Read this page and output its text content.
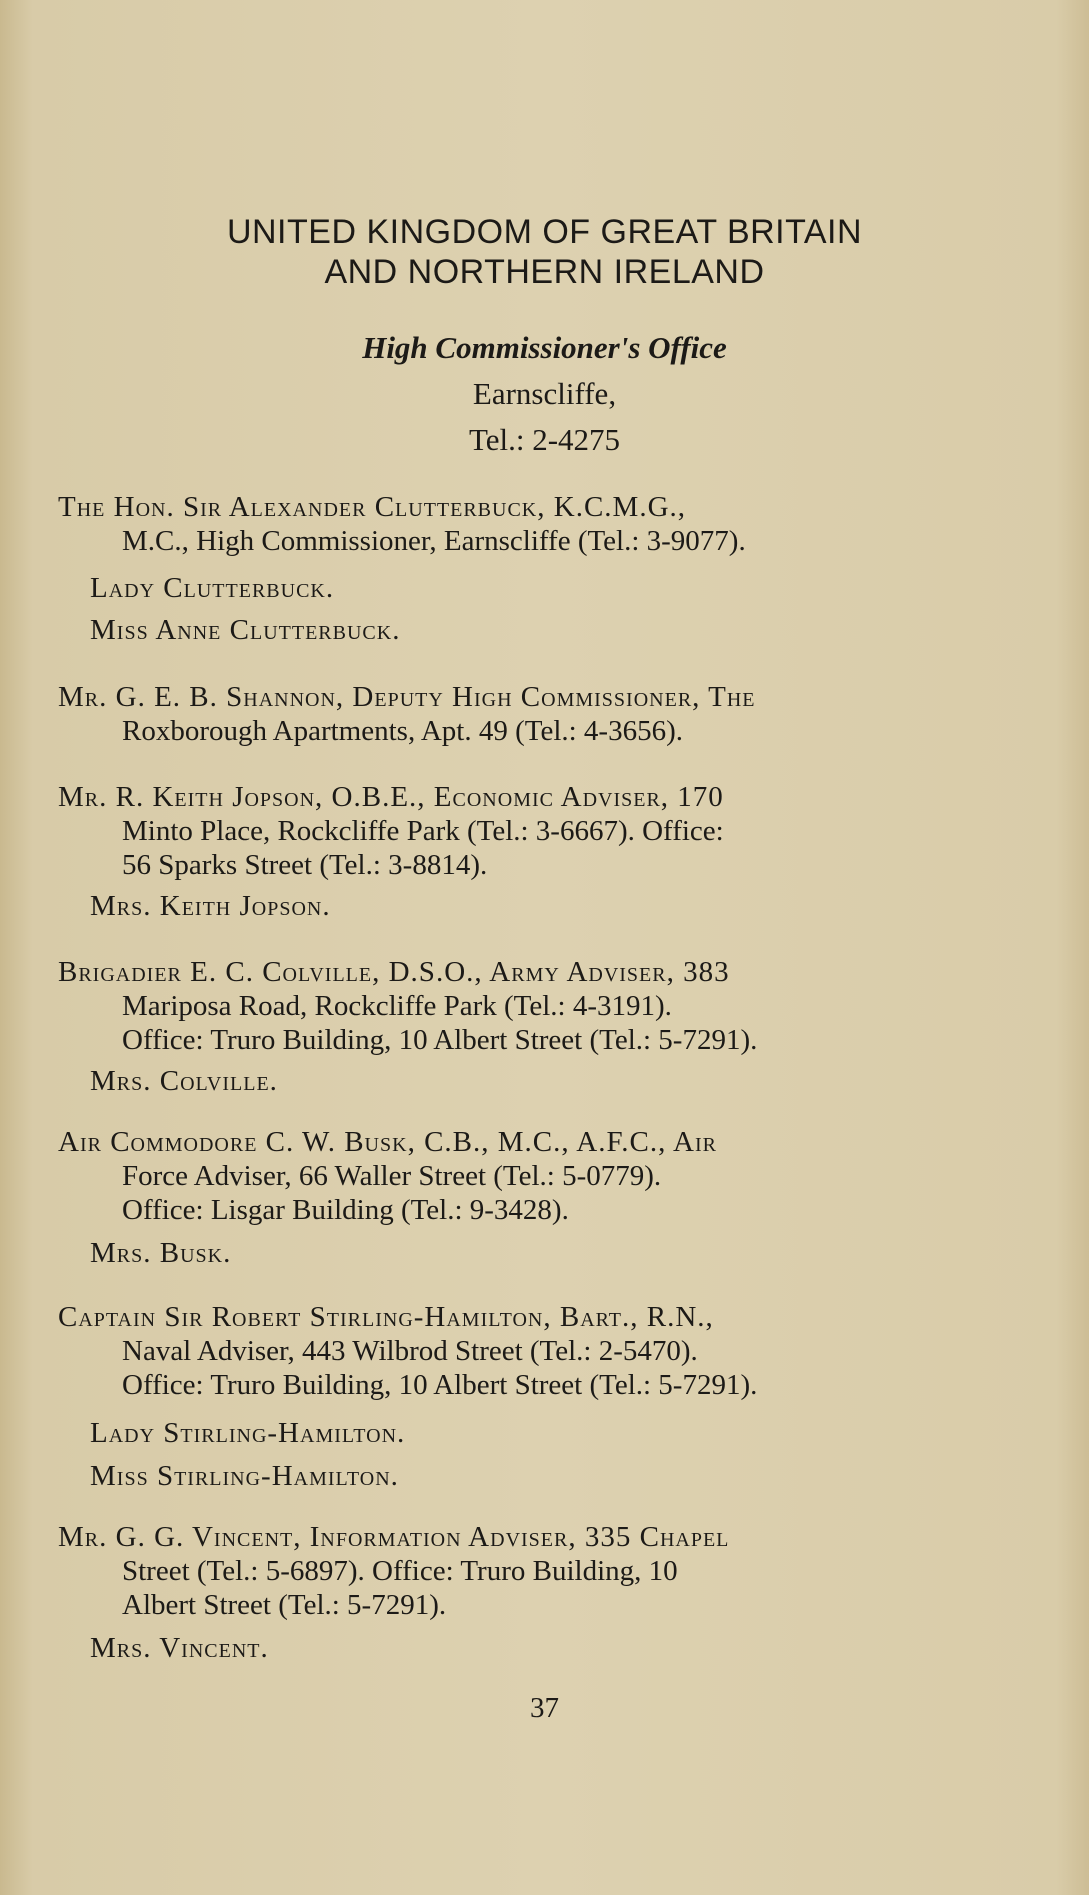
UNITED KINGDOM OF GREAT BRITAIN
AND NORTHERN IRELAND
High Commissioner's Office
Earnscliffe,
Tel.: 2-4275
The Hon. Sir Alexander Clutterbuck, K.C.M.G.,
M.C., High Commissioner, Earnscliffe (Tel.: 3-9077).
Lady Clutterbuck.
Miss Anne Clutterbuck.
Mr. G. E. B. Shannon, Deputy High Commissioner, The
Roxborough Apartments, Apt. 49 (Tel.: 4-3656).
Mr. R. Keith Jopson, O.B.E., Economic Adviser, 170
Minto Place, Rockcliffe Park (Tel.: 3-6667). Office:
56 Sparks Street (Tel.: 3-8814).
Mrs. Keith Jopson.
Brigadier E. C. Colville, D.S.O., Army Adviser, 383
Mariposa Road, Rockcliffe Park (Tel.: 4-3191).
Office: Truro Building, 10 Albert Street (Tel.: 5-7291).
Mrs. Colville.
Air Commodore C. W. Busk, C.B., M.C., A.F.C., Air
Force Adviser, 66 Waller Street (Tel.: 5-0779).
Office: Lisgar Building (Tel.: 9-3428).
Mrs. Busk.
Captain Sir Robert Stirling-Hamilton, Bart., R.N.,
Naval Adviser, 443 Wilbrod Street (Tel.: 2-5470).
Office: Truro Building, 10 Albert Street (Tel.: 5-7291).
Lady Stirling-Hamilton.
Miss Stirling-Hamilton.
Mr. G. G. Vincent, Information Adviser, 335 Chapel
Street (Tel.: 5-6897). Office: Truro Building, 10
Albert Street (Tel.: 5-7291).
Mrs. Vincent.
37
